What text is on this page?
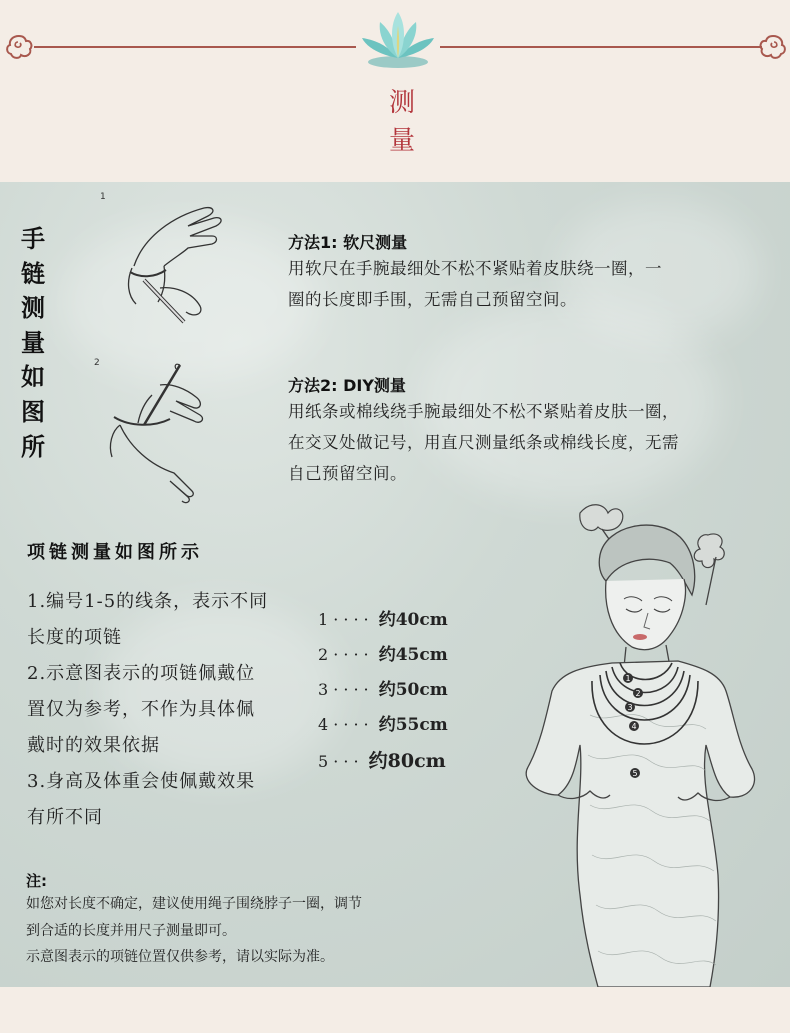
测
量
手
链
测
量
如
图
所
1
2
方法1: 软尺测量
用软尺在手腕最细处不松不紧贴着皮肤绕一圈，一
圈的长度即手围，无需自己预留空间。
方法2: DIY测量
用纸条或棉线绕手腕最细处不松不紧贴着皮肤一圈，
在交叉处做记号，用直尺测量纸条或棉线长度，无需
自己预留空间。
项链测量如图所示
1.编号1-5的线条，表示不同
长度的项链
2.示意图表示的项链佩戴位
置仅为参考，不作为具体佩
戴时的效果依据
3.身高及体重会使佩戴效果
有所不同
1 ···· 约40cm
2 ···· 约45cm
3 ···· 约50cm
4 ···· 约55cm
5 ··· 约80cm
1
2
3
4
5
注:
如您对长度不确定，建议使用绳子围绕脖子一圈，调节
到合适的长度并用尺子测量即可。
示意图表示的项链位置仅供参考，请以实际为准。
